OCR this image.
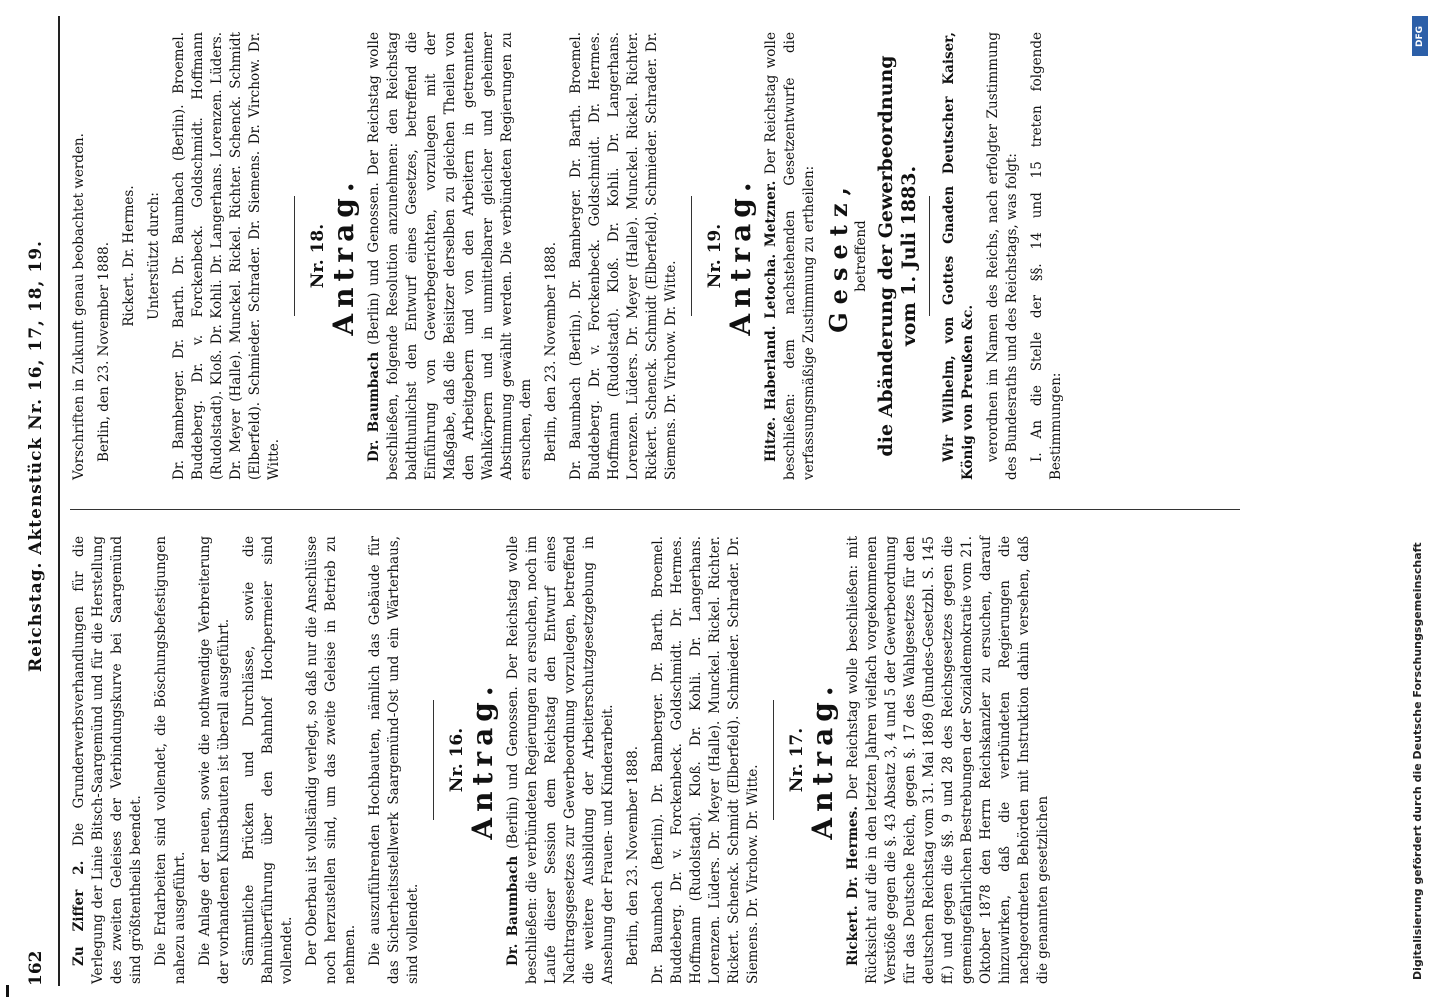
162
Reichstag. Aktenstück Nr. 16, 17, 18, 19.

Zu Ziffer 2. Die Grunderwerbsverhandlungen für die Verlegung der Linie Bitsch-Saargemünd und für die Herstellung des zweiten Geleises der Verbindungskurve bei Saargemünd sind größtentheils beendet. Die Erdarbeiten sind vollendet, die Böschungsbefestigungen nahezu ausgeführt. Die Anlage der neuen, sowie die nothwendige Verbreiterung der vorhandenen Kunstbauten ist überall ausgeführt. Sämmtliche Brücken und Durchlässe, sowie die Bahnüberführung über den Bahnhof Hochpermeier sind vollendet. Der Oberbau ist vollständig verlegt, so daß nur die Anschlüsse noch herzustellen sind, um das zweite Geleise in Betrieb zu nehmen. Die auszuführenden Hochbauten, nämlich das Gebäude für das Sicherheitsstellwerk Saargemünd-Ost und ein Wärterhaus, sind vollendet.

Nr. 16. Antrag.

Dr. Baumbach (Berlin) und Genossen. Der Reichstag wolle beschließen: die verbündeten Regierungen zu ersuchen, noch im Laufe dieser Session dem Reichstag den Entwurf eines Nachtragsgesetzes zur Gewerbeordnung vorzulegen, betreffend die weitere Ausbildung der Arbeiterschutzgesetzgebung in Ansehung der Frauen- und Kinderarbeit. Berlin, den 23. November 1888. Dr. Baumbach (Berlin). Dr. Bamberger. Dr. Barth. Broemel. Buddeberg. Dr. v. Forckenbeck. Goldschmidt. Dr. Hermes. Hoffmann (Rudolstadt). Kloß. Dr. Kohli. Dr. Langerhans. Lorenzen. Lüders. Dr. Meyer (Halle). Munckel. Rickel. Richter. Rickert. Schenck. Schmidt (Elberfeld). Schmieder. Schrader. Dr. Siemens. Dr. Virchow. Dr. Witte.

Nr. 17. Antrag.

Rickert. Dr. Hermes. Der Reichstag wolle beschließen: mit Rücksicht auf die in den letzten Jahren vielfach vorgekommenen Verstöße gegen die §. 43 Absatz 3, 4 und 5 der Gewerbeordnung für das Deutsche Reich, gegen §. 17 des Wahlgesetzes für den deutschen Reichstag vom 31. Mai 1869 (Bundes-Gesetzbl. S. 145 ff.) und gegen die §§. 9 und 28 des Reichsgesetzes gegen die gemeingefährlichen Bestrebungen der Sozialdemokratie vom 21. Oktober 1878 den Herrn Reichskanzler zu ersuchen, darauf hinzuwirken, daß die verbündeten Regierungen die nachgeordneten Behörden mit Instruktion dahin versehen, daß die genannten gesetzlichen

Vorschriften in Zukunft genau beobachtet werden. Berlin, den 23. November 1888. Rickert. Dr. Hermes. Unterstützt durch: Dr. Bamberger. Dr. Barth. Dr. Baumbach (Berlin). Broemel. Buddeberg. Dr. v. Forckenbeck. Goldschmidt. Hoffmann (Rudolstadt). Kloß. Dr. Kohli. Dr. Langerhans. Lorenzen. Lüders. Dr. Meyer (Halle). Munckel. Rickel. Richter. Schenck. Schmidt (Elberfeld). Schmieder. Schrader. Dr. Siemens. Dr. Virchow. Dr. Witte.

Nr. 18. Antrag.

Dr. Baumbach (Berlin) und Genossen. Der Reichstag wolle beschließen, folgende Resolution anzunehmen: den Reichstag baldthunlichst den Entwurf eines Gesetzes, betreffend die Einführung von Gewerbegerichten, vorzulegen mit der Maßgabe, daß die Beisitzer derselben zu gleichen Theilen von den Arbeitgebern und von den Arbeitern in getrennten Wahlkörpern und in unmittelbarer gleicher und geheimer Abstimmung gewählt werden. Die verbündeten Regierungen zu ersuchen, dem Berlin, den 23. November 1888. Dr. Baumbach (Berlin). Dr. Bamberger. Dr. Barth. Broemel. Buddeberg. Dr. v. Forckenbeck. Goldschmidt. Dr. Hermes. Hoffmann (Rudolstadt). Kloß. Dr. Kohli. Dr. Langerhans. Lorenzen. Lüders. Dr. Meyer (Halle). Munckel. Rickel. Richter. Rickert. Schenck. Schmidt (Elberfeld). Schmieder. Schrader. Dr. Siemens. Dr. Virchow. Dr. Witte.

Nr. 19. Antrag. Hitze. Haberland. Letocha. Metzner. Der Reichstag wolle beschließen: dem nachstehenden Gesetzentwurfe die verfassungsmäßige Zustimmung zu ertheilen: Gesetz, betreffend die Abänderung der Gewerbeordnung vom 1. Juli 1883. Wir Wilhelm, von Gottes Gnaden Deutscher Kaiser, König von Preußen &c. verordnen im Namen des Reichs, nach erfolgter Zustimmung des Bundesraths und des Reichstags, was folgt: I. An die Stelle der §§. 14 und 15 treten folgende Bestimmungen:

DFG
Digitalisierung gefördert durch die Deutsche Forschungsgemeinschaft
